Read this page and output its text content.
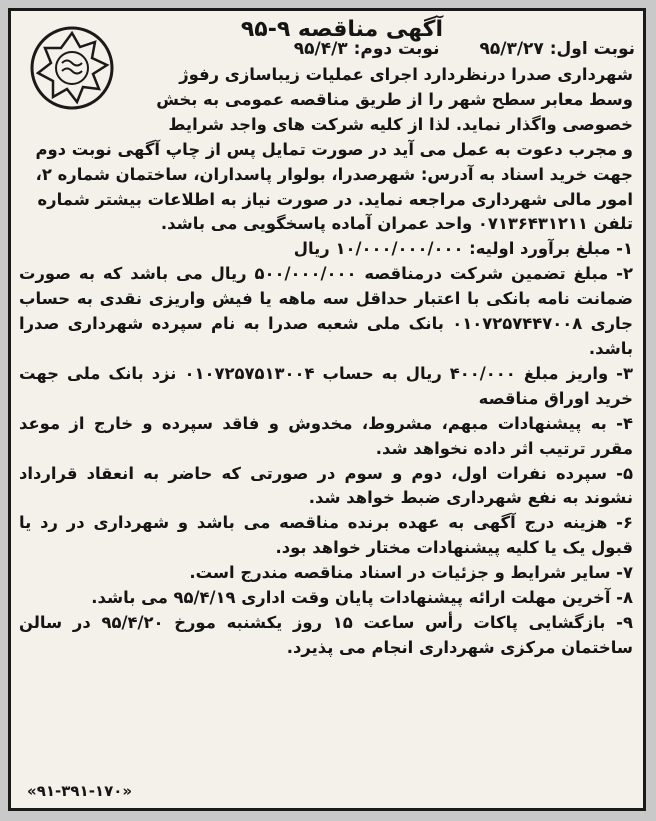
آگهی مناقصه ۹-۹۵
نوبت اول: ۹۵/۳/۲۷
نوبت دوم: ۹۵/۴/۳
شهرداری صدرا درنظردارد اجرای عملیات زیباسازی رفوژ
وسط معابر سطح شهر را از طریق مناقصه عمومی به بخش
خصوصی واگذار نماید. لذا از کلیه شرکت های واجد شرایط
و مجرب دعوت به عمل می آید در صورت تمایل پس از چاپ آگهی نوبت دوم
جهت خرید اسناد به آدرس: شهرصدرا، بولوار پاسداران، ساختمان شماره ۲،
امور مالی شهرداری مراجعه نماید. در صورت نیاز به اطلاعات بیشتر شماره
تلفن ۰۷۱۳۶۴۳۱۲۱۱ واحد عمران آماده پاسخگویی می باشد.
۱- مبلغ برآورد اولیه: ۱۰/۰۰۰/۰۰۰/۰۰۰ ریال
۲- مبلغ تضمین شرکت درمناقصه ۵۰۰/۰۰۰/۰۰۰ ریال می باشد که به صورت ضمانت نامه بانکی با اعتبار حداقل سه ماهه یا فیش واریزی نقدی به حساب جاری ۰۱۰۷۲۵۷۴۴۷۰۰۸ بانک ملی شعبه صدرا به نام سپرده شهرداری صدرا باشد.
۳- واریز مبلغ ۴۰۰/۰۰۰ ریال به حساب ۰۱۰۷۲۵۷۵۱۳۰۰۴ نزد بانک ملی جهت خرید اوراق مناقصه
۴- به پیشنهادات مبهم، مشروط، مخدوش و فاقد سپرده و خارج از موعد مقرر ترتیب اثر داده نخواهد شد.
۵- سپرده نفرات اول، دوم و سوم در صورتی که حاضر به انعقاد قرارداد نشوند به نفع شهرداری ضبط خواهد شد.
۶- هزینه درج آگهی به عهده برنده مناقصه می باشد و شهرداری در رد یا قبول یک یا کلیه پیشنهادات مختار خواهد بود.
۷- سایر شرایط و جزئیات در اسناد مناقصه مندرج است.
۸- آخرین مهلت ارائه پیشنهادات پایان وقت اداری ۹۵/۴/۱۹ می باشد.
۹- بازگشایی پاکات رأس ساعت ۱۵ روز یکشنبه مورخ ۹۵/۴/۲۰ در سالن ساختمان مرکزی شهرداری انجام می پذیرد.
«۹۱-۳۹۱-۱۷۰»
